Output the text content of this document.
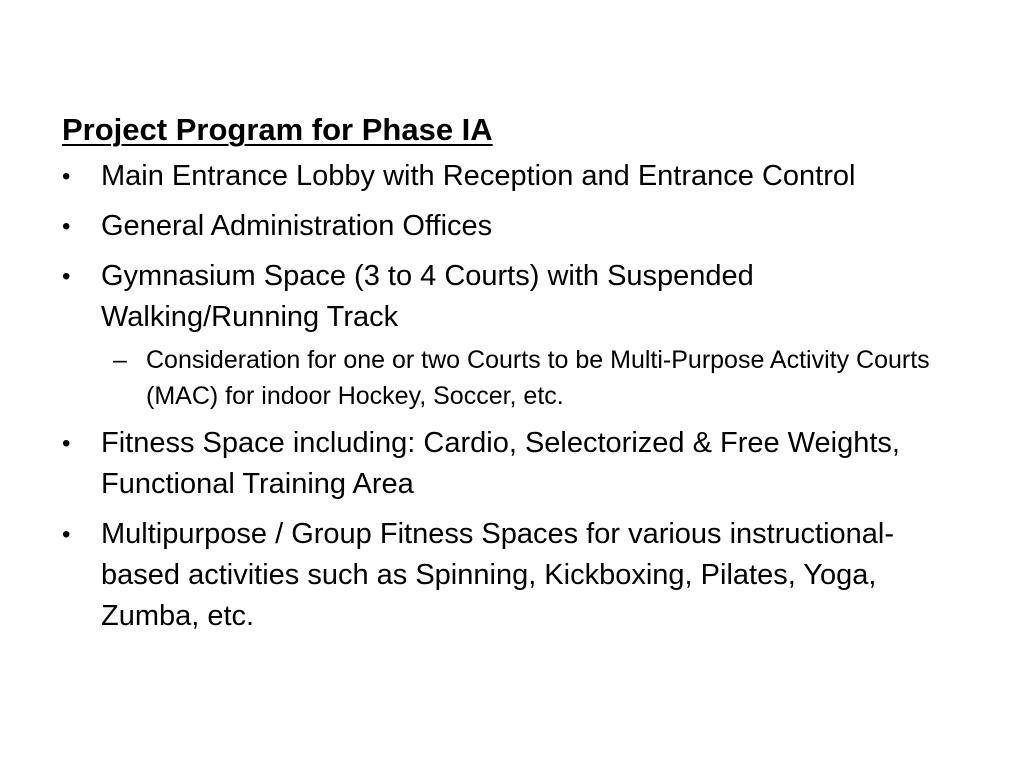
Project Program for Phase IA
•	Main Entrance Lobby with Reception and Entrance Control
•	General Administration Offices
•	Gymnasium Space (3 to 4 Courts) with Suspended Walking/Running Track
– Consideration for one or two Courts to be Multi-Purpose Activity Courts (MAC) for indoor Hockey, Soccer, etc.
•	Fitness Space including: Cardio, Selectorized & Free Weights, Functional Training Area
•	Multipurpose / Group Fitness Spaces for various instructional-based activities such as Spinning, Kickboxing, Pilates, Yoga, Zumba, etc.
